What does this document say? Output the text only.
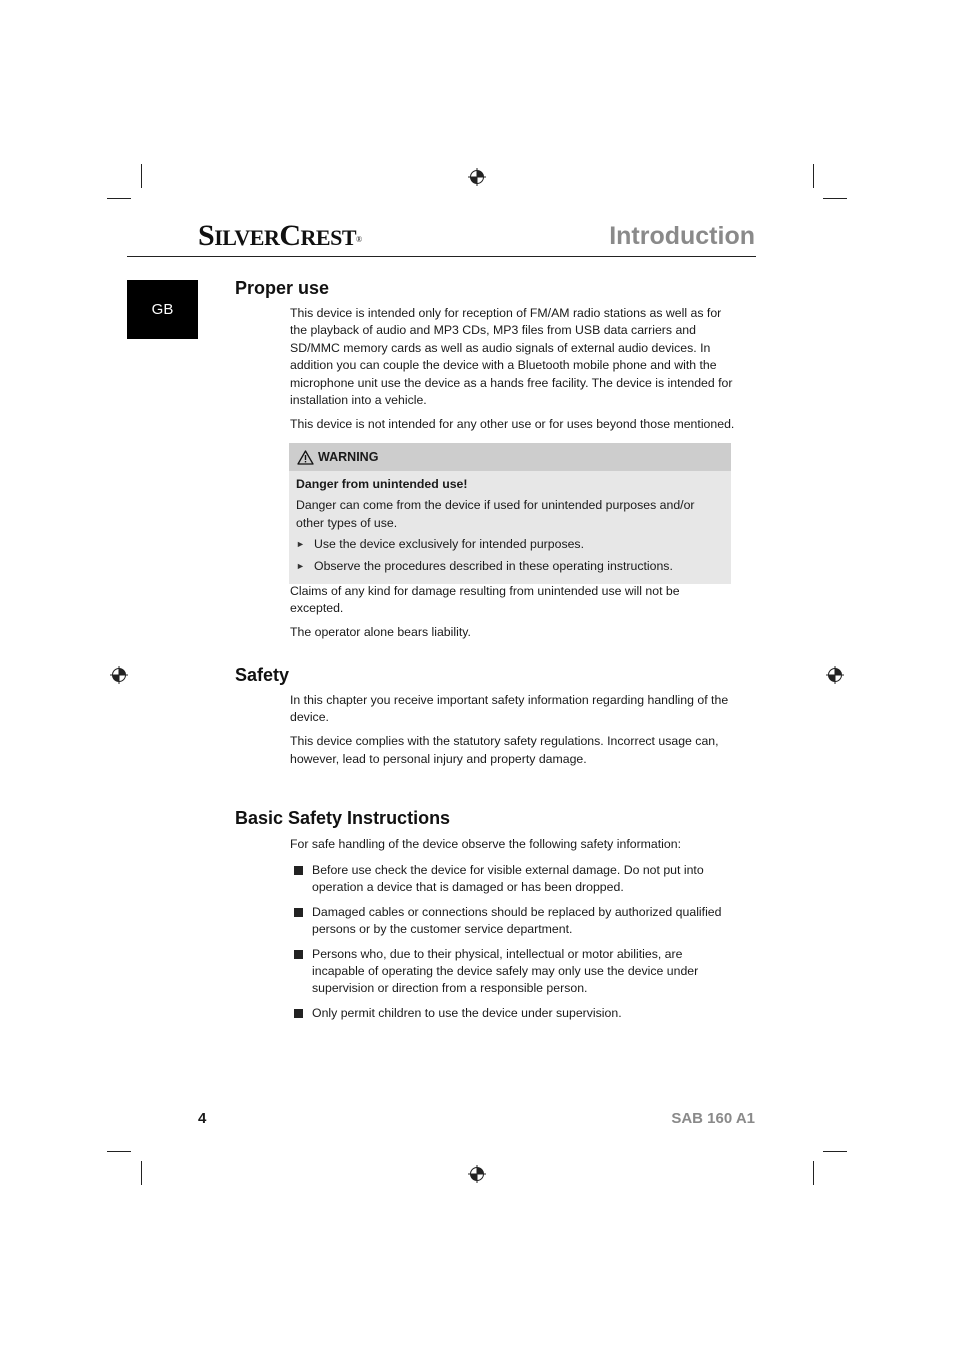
SILVERCREST®	Introduction
GB
Proper use

This device is intended only for reception of FM/AM radio stations as well as for the playback of audio and MP3 CDs, MP3 files from USB data carriers and SD/MMC memory cards as well as audio signals of external audio devices. In addition you can couple the device with a Bluetooth mobile phone and with the microphone unit use the device as a hands free facility. The device is intended for installation into a vehicle.

This device is not intended for any other use or for uses beyond those mentioned.

WARNING
Danger from unintended use!
Danger can come from the device if used for unintended purposes and/or other types of use.
► Use the device exclusively for intended purposes.
► Observe the procedures described in these operating instructions.

Claims of any kind for damage resulting from unintended use will not be excepted.

The operator alone bears liability.

Safety

In this chapter you receive important safety information regarding handling of the device.

This device complies with the statutory safety regulations. Incorrect usage can, however, lead to personal injury and property damage.

Basic Safety Instructions

For safe handling of the device observe the following safety information:

Before use check the device for visible external damage. Do not put into operation a device that is damaged or has been dropped.
Damaged cables or connections should be replaced by authorized qualified persons or by the customer service department.
Persons who, due to their physical, intellectual or motor abilities, are incapable of operating the device safely may only use the device under supervision or direction from a responsible person.
Only permit children to use the device under supervision.
4	SAB 160 A1
